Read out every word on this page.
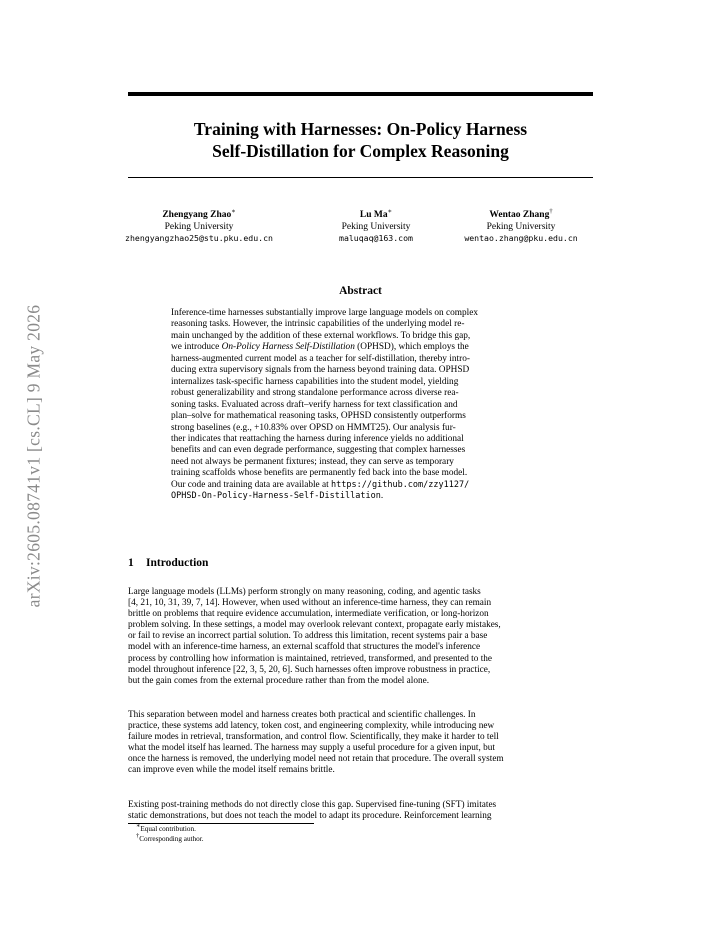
arXiv:2605.08741v1 [cs.CL] 9 May 2026
Training with Harnesses: On-Policy Harness
Self-Distillation for Complex Reasoning
Zhengyang Zhao∗
Peking University
zhengyangzhao25@stu.pku.edu.cn
Lu Ma∗
Peking University
maluqaq@163.com
Wentao Zhang†
Peking University
wentao.zhang@pku.edu.cn
Abstract
Inference-time harnesses substantially improve large language models on complex
reasoning tasks. However, the intrinsic capabilities of the underlying model re-
main unchanged by the addition of these external workflows. To bridge this gap,
we introduce On-Policy Harness Self-Distillation (OPHSD), which employs the
harness-augmented current model as a teacher for self-distillation, thereby intro-
ducing extra supervisory signals from the harness beyond training data. OPHSD
internalizes task-specific harness capabilities into the student model, yielding
robust generalizability and strong standalone performance across diverse rea-
soning tasks. Evaluated across draft–verify harness for text classification and
plan–solve for mathematical reasoning tasks, OPHSD consistently outperforms
strong baselines (e.g., +10.83% over OPSD on HMMT25). Our analysis fur-
ther indicates that reattaching the harness during inference yields no additional
benefits and can even degrade performance, suggesting that complex harnesses
need not always be permanent fixtures; instead, they can serve as temporary
training scaffolds whose benefits are permanently fed back into the base model.
Our code and training data are available at https://github.com/zzy1127/
OPHSD-On-Policy-Harness-Self-Distillation.
1 Introduction
Large language models (LLMs) perform strongly on many reasoning, coding, and agentic tasks
[4, 21, 10, 31, 39, 7, 14]. However, when used without an inference-time harness, they can remain
brittle on problems that require evidence accumulation, intermediate verification, or long-horizon
problem solving. In these settings, a model may overlook relevant context, propagate early mistakes,
or fail to revise an incorrect partial solution. To address this limitation, recent systems pair a base
model with an inference-time harness, an external scaffold that structures the model's inference
process by controlling how information is maintained, retrieved, transformed, and presented to the
model throughout inference [22, 3, 5, 20, 6]. Such harnesses often improve robustness in practice,
but the gain comes from the external procedure rather than from the model alone.
This separation between model and harness creates both practical and scientific challenges. In
practice, these systems add latency, token cost, and engineering complexity, while introducing new
failure modes in retrieval, transformation, and control flow. Scientifically, they make it harder to tell
what the model itself has learned. The harness may supply a useful procedure for a given input, but
once the harness is removed, the underlying model need not retain that procedure. The overall system
can improve even while the model itself remains brittle.
Existing post-training methods do not directly close this gap. Supervised fine-tuning (SFT) imitates
static demonstrations, but does not teach the model to adapt its procedure. Reinforcement learning
∗Equal contribution.
†Corresponding author.
